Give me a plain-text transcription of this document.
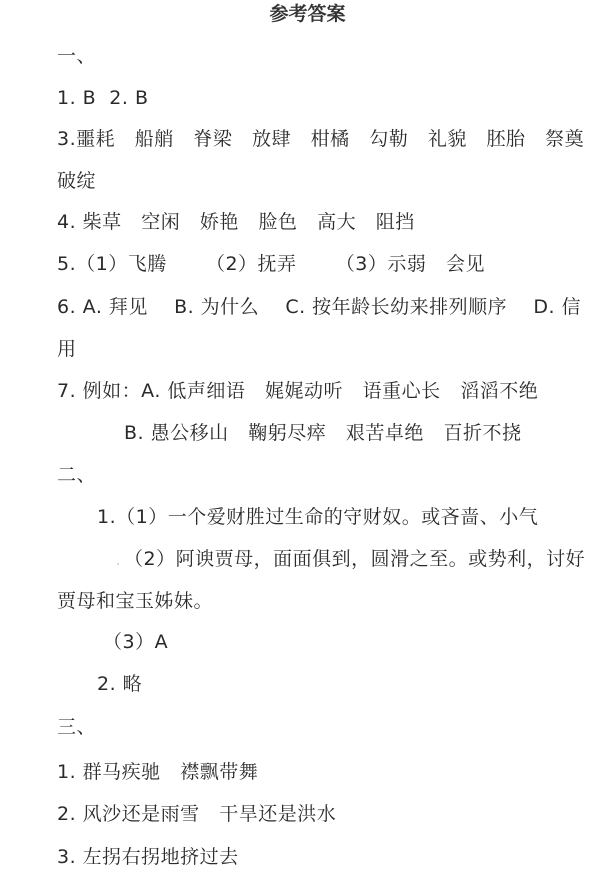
参考答案
一、
1. B  2. B
3.噩耗   船艄   脊梁   放肆   柑橘   勾勒   礼貌   胚胎   祭奠
破绽
4. 柴草   空闲   娇艳   脸色   高大   阻挡
5.（1）飞腾      （2）抚弄      （3）示弱   会见
6. A. 拜见    B. 为什么    C. 按年龄长幼来排列顺序    D. 信
用
7. 例如：A. 低声细语   娓娓动听   语重心长   滔滔不绝
B. 愚公移山   鞠躬尽瘁   艰苦卓绝   百折不挠
二、
1.（1）一个爱财胜过生命的守财奴。或吝啬、小气
（2）阿谀贾母，面面俱到，圆滑之至。或势利，讨好
贾母和宝玉姊妹。
（3）A
2. 略
三、
1. 群马疾驰   襟飘带舞
2. 风沙还是雨雪   干旱还是洪水
3. 左拐右拐地挤过去
